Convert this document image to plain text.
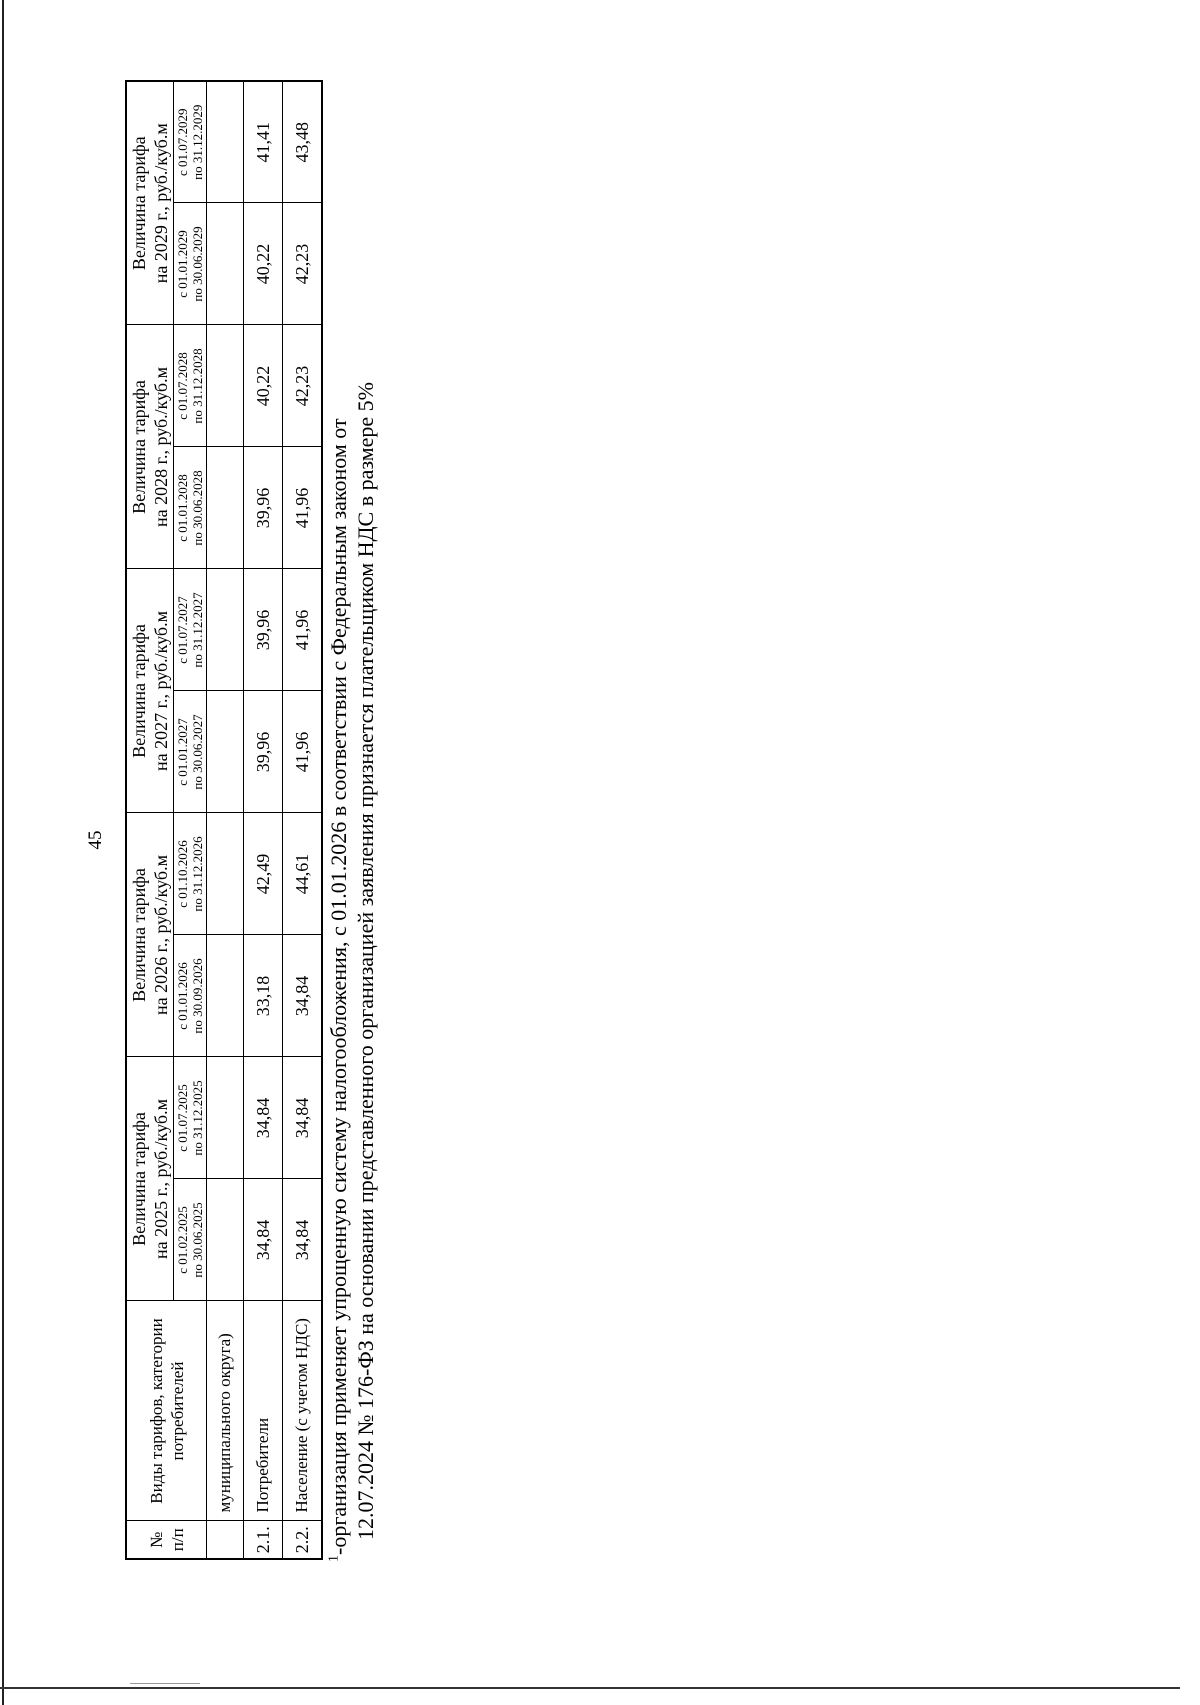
45
№ п/п	Виды тарифов, категории потребителей	Величина тарифа на 2025 г., руб./куб.м		Величина тарифа на 2026 г., руб./куб.м		Величина тарифа на 2027 г., руб./куб.м		Величина тарифа на 2028 г., руб./куб.м		Величина тарифа на 2029 г., руб./куб.м	

		с 01.02.2025 по 30.06.2025	с 01.07.2025 по 31.12.2025	с 01.01.2026 по 30.09.2026	с 01.10.2026 по 31.12.2026	с 01.01.2027 по 30.06.2027	с 01.07.2027 по 31.12.2027	с 01.01.2028 по 30.06.2028	с 01.07.2028 по 31.12.2028	с 01.01.2029 по 30.06.2029	с 01.07.2029 по 31.12.2029

	муниципального округа)										
2.1.	Потребители	34,84	34,84	33,18	42,49	39,96	39,96	39,96	40,22	40,22	41,41
2.2.	Население (с учетом НДС)	34,84	34,84	34,84	44,61	41,96	41,96	41,96	42,23	42,23	43,48

$^1$-организация применяет упрощенную систему налогообложения, с 01.01.2026 в соответствии с Федеральным законом от 12.07.2024 № 176-ФЗ на основании представленного организацией заявления признается плательщиком НДС в размере 5%
